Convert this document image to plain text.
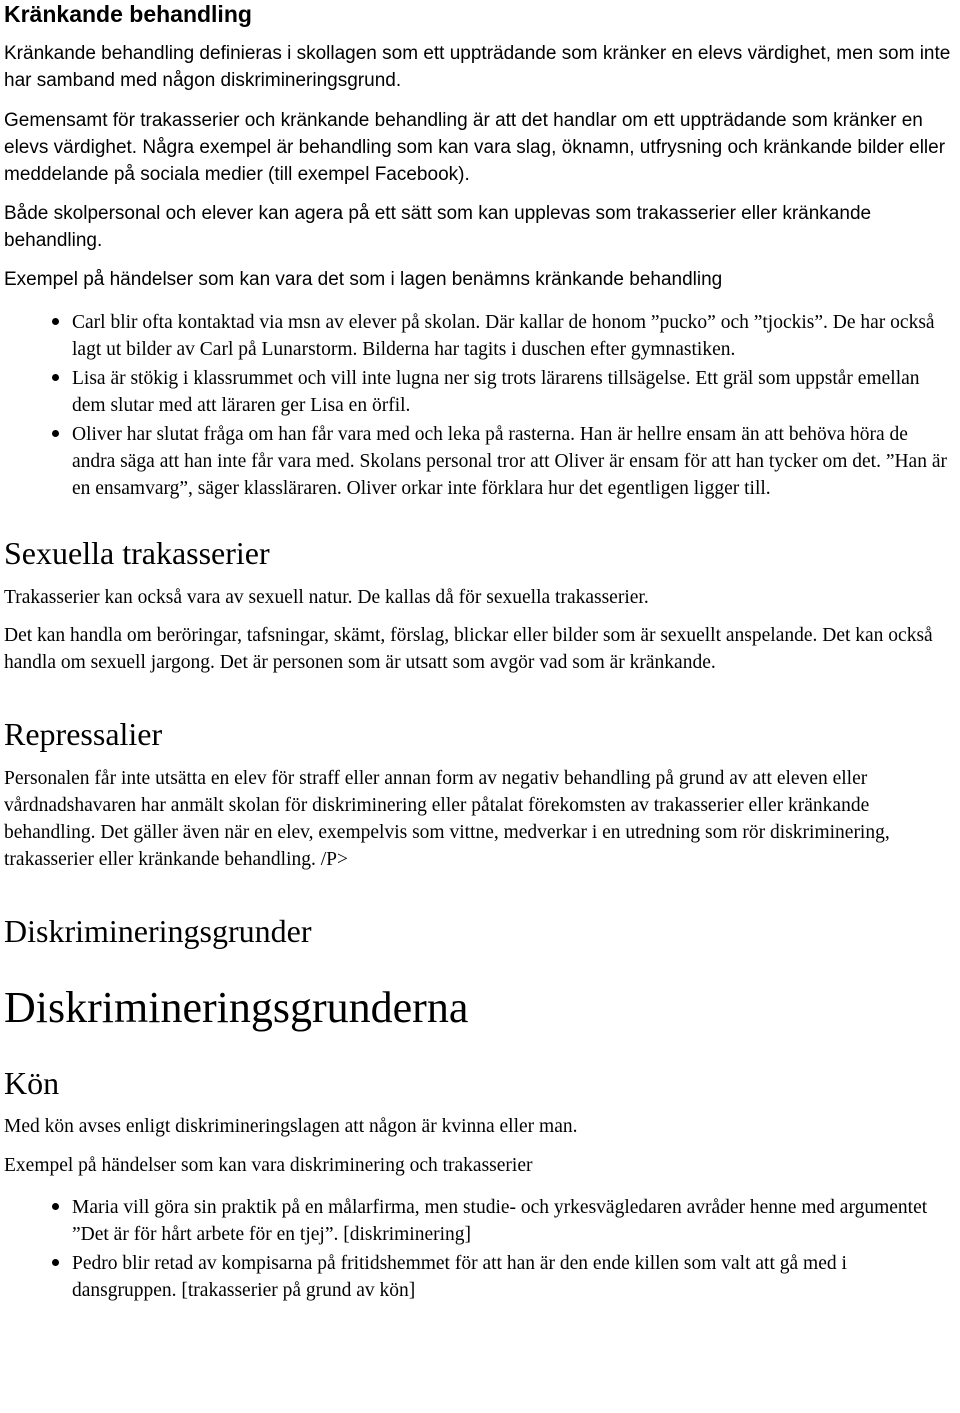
Kränkande behandling

Kränkande behandling definieras i skollagen som ett uppträdande som kränker en elevs värdighet, men som inte har samband med någon diskrimineringsgrund.

Gemensamt för trakasserier och kränkande behandling är att det handlar om ett uppträdande som kränker en elevs värdighet. Några exempel är behandling som kan vara slag, öknamn, utfrysning och kränkande bilder eller meddelande på sociala medier (till exempel Facebook).

Både skolpersonal och elever kan agera på ett sätt som kan upplevas som trakasserier eller kränkande behandling.

Exempel på händelser som kan vara det som i lagen benämns kränkande behandling

• Carl blir ofta kontaktad via msn av elever på skolan. Där kallar de honom ”pucko” och ”tjockis”. De har också lagt ut bilder av Carl på Lunarstorm. Bilderna har tagits i duschen efter gymnastiken.
• Lisa är stökig i klassrummet och vill inte lugna ner sig trots lärarens tillsägelse. Ett gräl som uppstår emellan dem slutar med att läraren ger Lisa en örfil.
• Oliver har slutat fråga om han får vara med och leka på rasterna. Han är hellre ensam än att behöva höra de andra säga att han inte får vara med. Skolans personal tror att Oliver är ensam för att han tycker om det. ”Han är en ensamvarg”, säger klassläraren. Oliver orkar inte förklara hur det egentligen ligger till.
Sexuella trakasserier

Trakasserier kan också vara av sexuell natur. De kallas då för sexuella trakasserier.

Det kan handla om beröringar, tafsningar, skämt, förslag, blickar eller bilder som är sexuellt anspelande. Det kan också handla om sexuell jargong. Det är personen som är utsatt som avgör vad som är kränkande.

Repressalier

Personalen får inte utsätta en elev för straff eller annan form av negativ behandling på grund av att eleven eller vårdnadshavaren har anmält skolan för diskriminering eller påtalat förekomsten av trakasserier eller kränkande behandling. Det gäller även när en elev, exempelvis som vittne, medverkar i en utredning som rör diskriminering, trakasserier eller kränkande behandling. /P>

Diskrimineringsgrunder
Diskrimineringsgrunderna
Kön

Med kön avses enligt diskrimineringslagen att någon är kvinna eller man.

Exempel på händelser som kan vara diskriminering och trakasserier

• Maria vill göra sin praktik på en målarfirma, men studie- och yrkesvägledaren avråder henne med argumentet ”Det är för hårt arbete för en tjej”. [diskriminering]
• Pedro blir retad av kompisarna på fritidshemmet för att han är den ende killen som valt att gå med i dansgruppen. [trakasserier på grund av kön]
